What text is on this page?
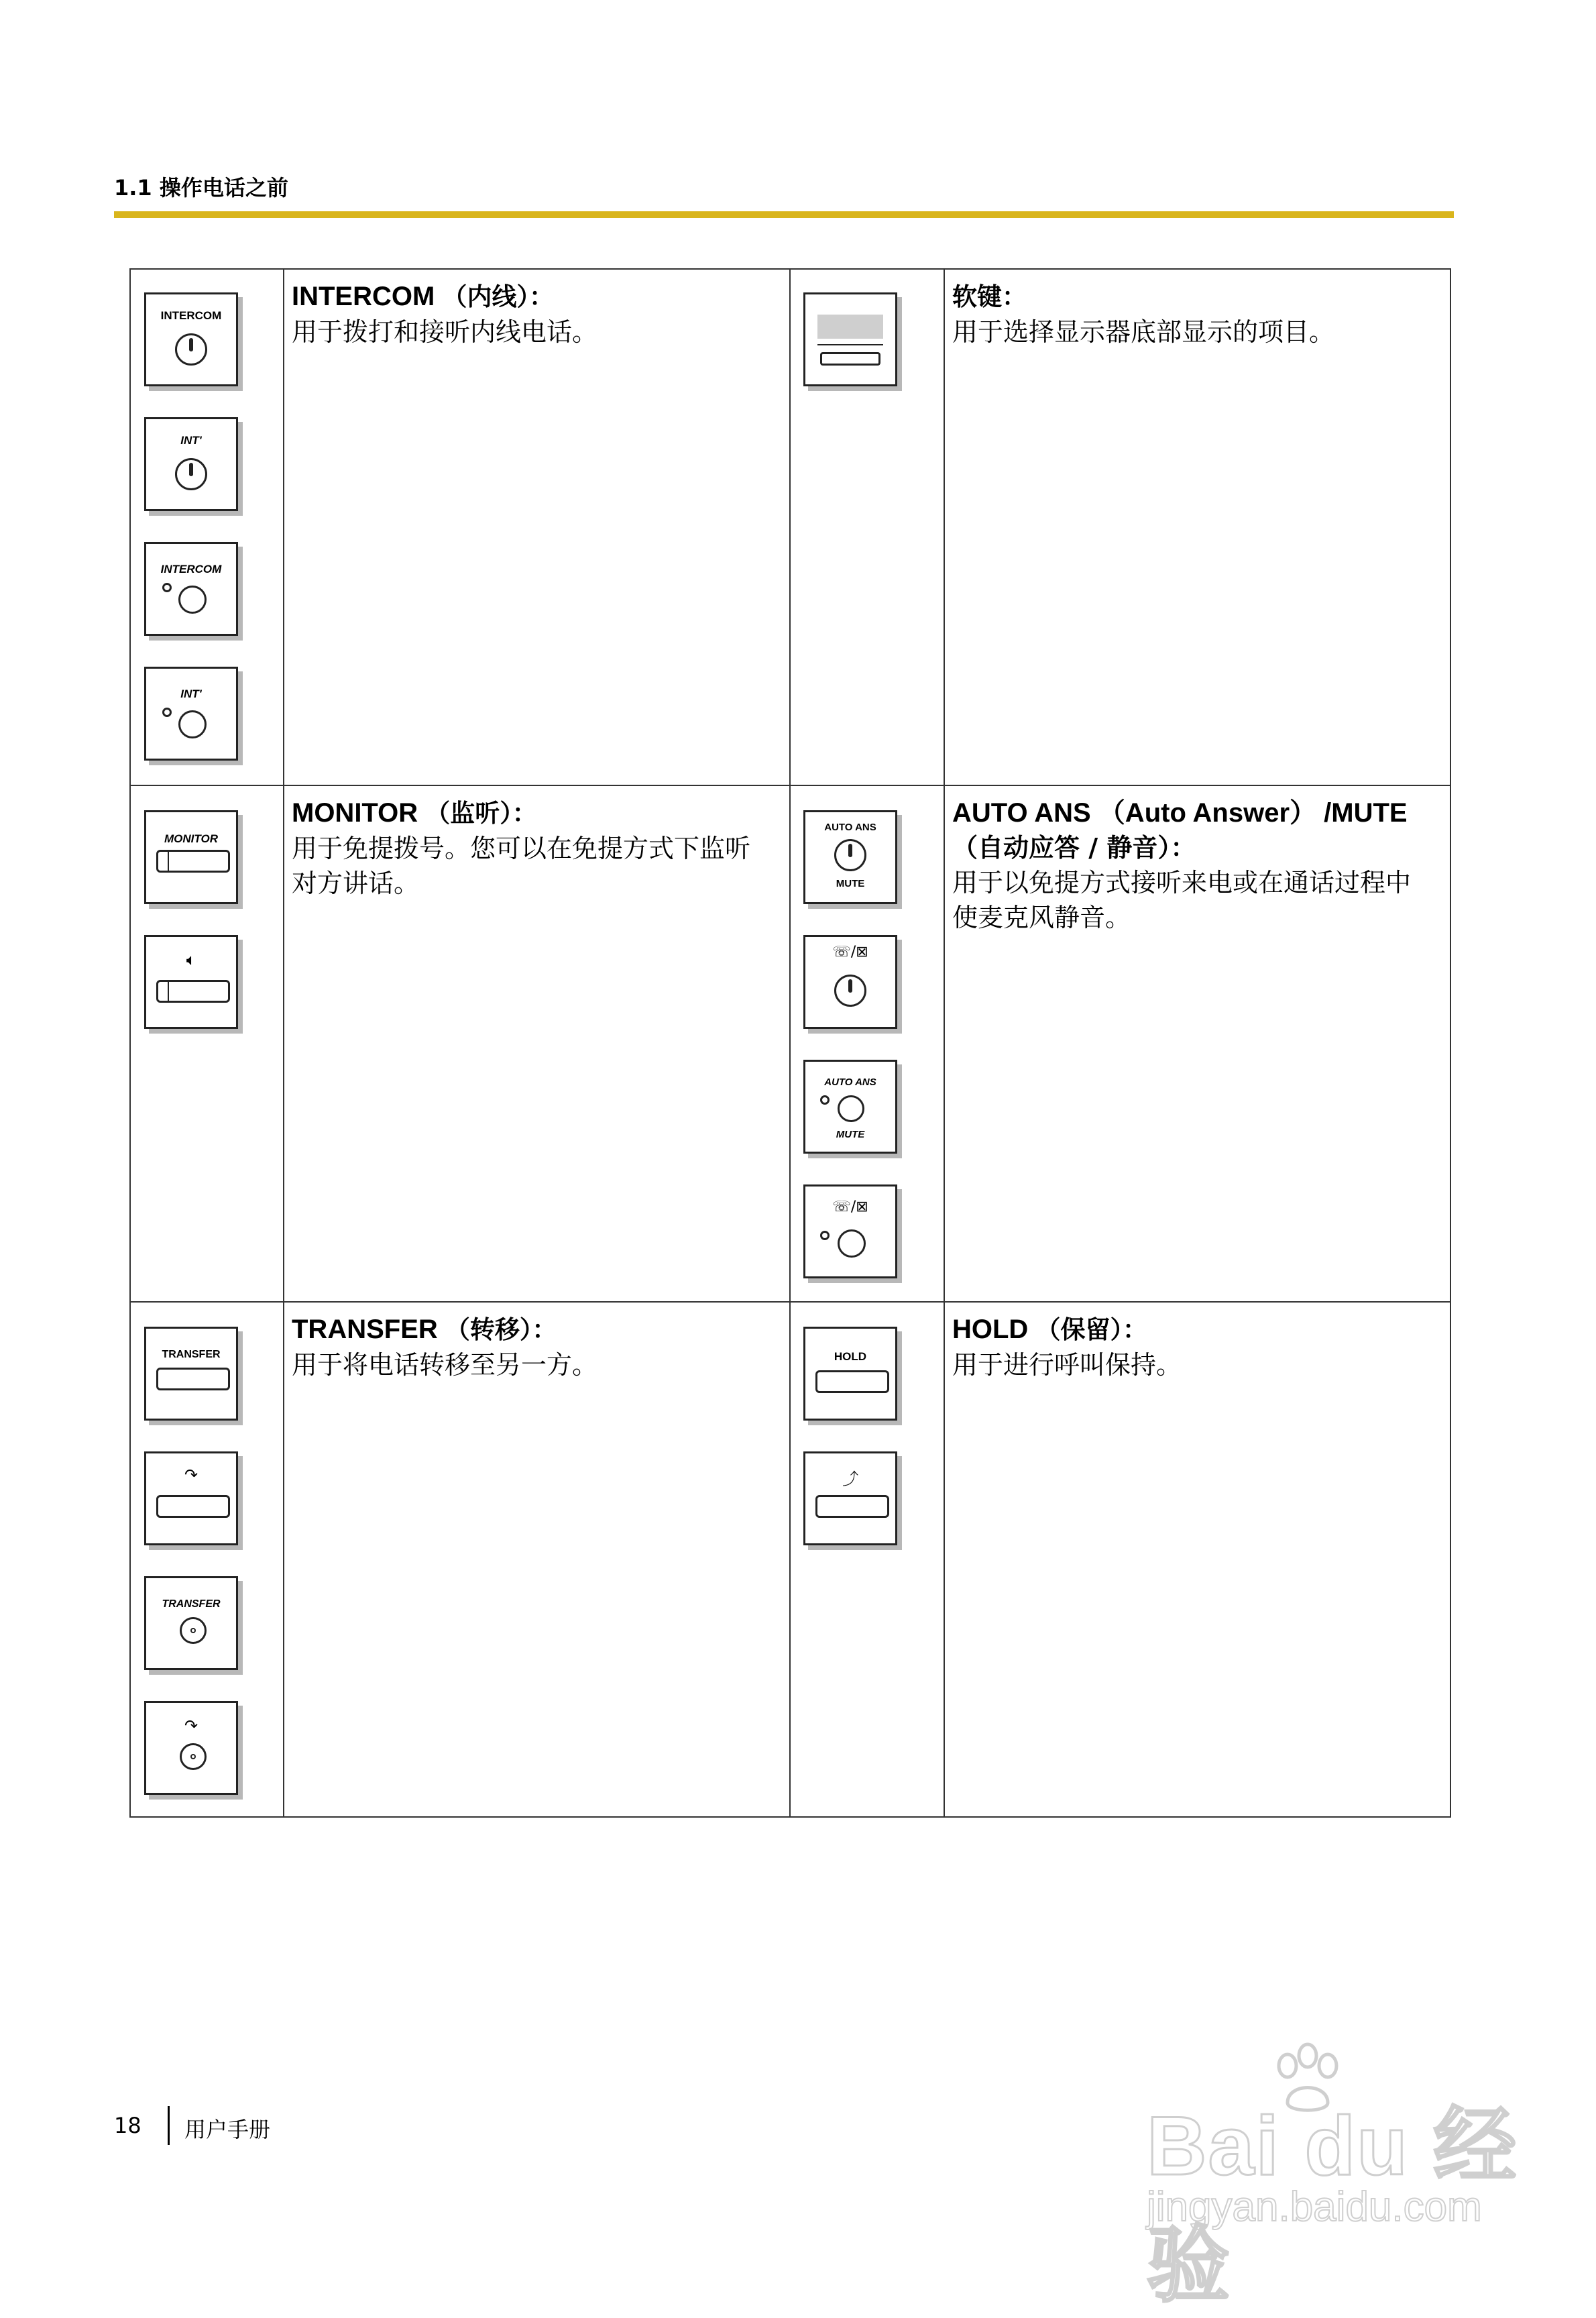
1.1 操作电话之前
INTERCOM
INT'
INTERCOM
INT'
INTERCOM （内线）：
用于拨打和接听内线电话。
软键：
用于选择显示器底部显示的项目。
MONITOR
🔈︎
MONITOR （监听）：
用于免提拨号。您可以在免提方式下监听
对方讲话。
AUTO ANS
MUTE
☏/⊠
AUTO ANS
MUTE
☏/⊠
AUTO ANS （Auto Answer） /MUTE
（自动应答 / 静音）：
用于以免提方式接听来电或在通话过程中
使麦克风静音。
TRANSFER
↷
TRANSFER
↷
TRANSFER （转移）：
用于将电话转移至另一方。	HOLD
⤴
HOLD （保留）：
用于进行呼叫保持。
18 用户手册	Bai du 经验
jingyan.baidu.com
